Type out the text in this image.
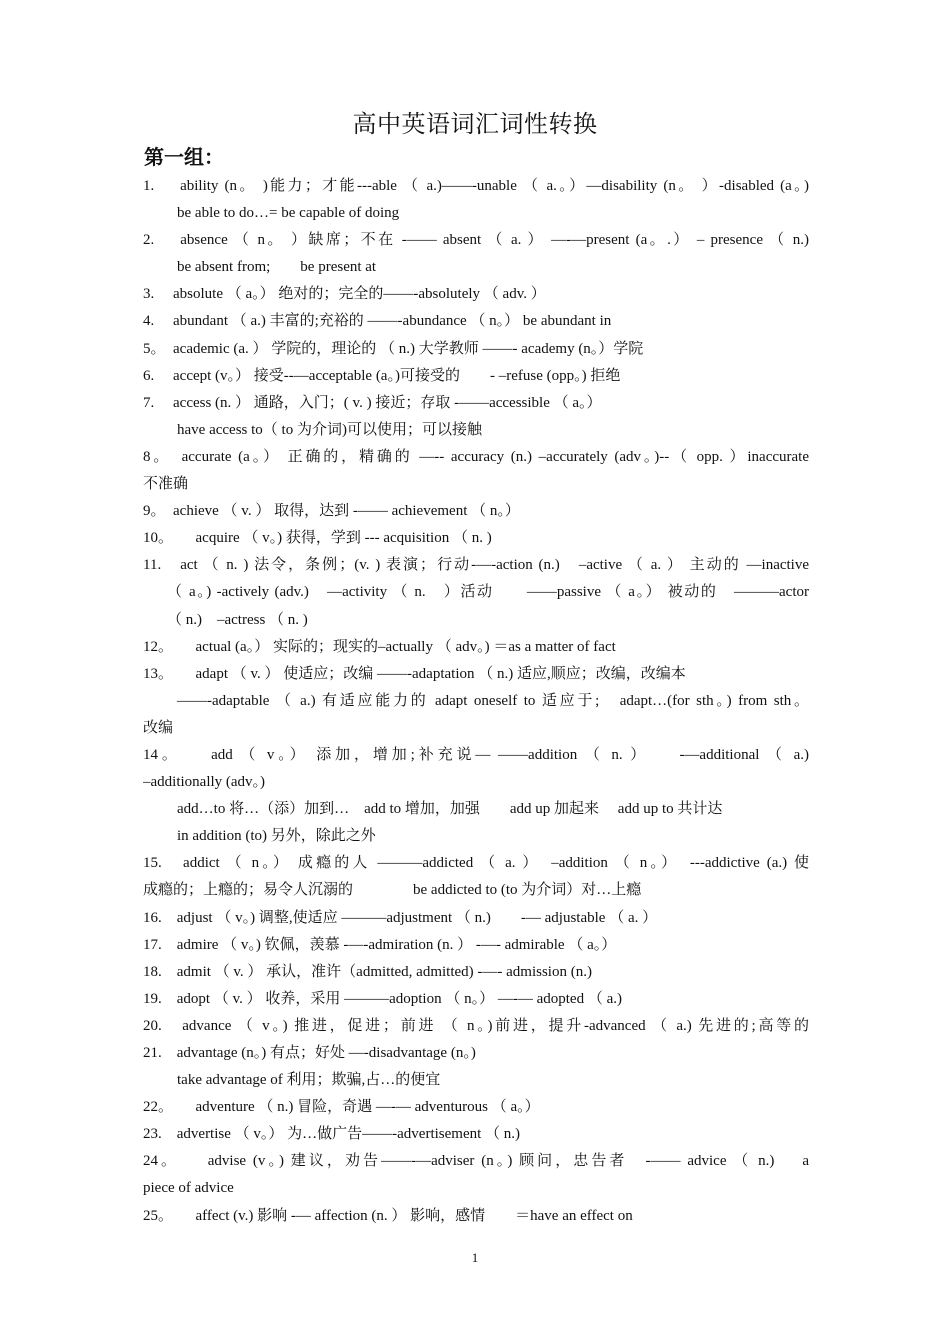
高中英语词汇词性转换
第一组：
1.　 ability (n。 )能力；才能---able （ a.)——-unable （ a.。）—disability (n。 ）-disabled (a。)
be able to do…= be capable of doing
2.　 absence （ n。 ）缺席；不在 -—— absent （ a. ） —-—present (a。.） – presence （ n.)
be absent from;　　be present at
3.　 absolute （ a。） 绝对的；完全的——-absolutely （ adv. ）
4.　 abundant （ a.) 丰富的;充裕的 ——-abundance （ n。） be abundant in
5。　academic (a. ） 学院的，理论的 （ n.) 大学教师 ——- academy (n。）学院
6.　 accept (v。） 接受--—acceptable (a。)可接受的　　- –refuse (opp。) 拒绝
7.　 access (n. ） 通路，入门；( v. ) 接近；存取 -——accessible （ a。）
have access to（ to 为介词)可以使用；可以接触
8。　accurate (a。） 正确的，精确的 —-- accuracy (n.) –accurately (adv。)--（ opp. ）inaccurate
不准确
9。　achieve （ v. ） 取得，达到 -—— achievement （ n。）
10。　　acquire （ v。) 获得，学到 --- acquisition （ n. )
11.　act （ n. ) 法令，条例；(v. ) 表演；行动-—-action (n.)　–active （ a. ） 主动的 —inactive
（ a。) -actively (adv.)　—activity （ n.　）活动　　——passive （ a。） 被动的　———actor
（ n.)　–actress （ n. )
12。　　actual (a。） 实际的；现实的–actually （ adv。) ＝as a matter of fact
13。　　adapt （ v. ） 使适应；改编 ——-adaptation （ n.) 适应,顺应；改编，改编本
——-adaptable （ a.) 有适应能力的 adapt oneself to 适应于;　adapt…(for sth。) from sth。
改编
14。　　add （ v。） 添加，增加;补充说— ——addition （ n. ）　　-—additional （ a.)
–additionally (adv。)
add…to 将…（添）加到…　add to 增加，加强　　add up 加起来　 add up to 共计达
in addition (to) 另外，除此之外
15.　addict （ n。） 成瘾的人 ———addicted （ a. ）　–addition （ n。）　---addictive (a.) 使
成瘾的；上瘾的；易令人沉溺的　　　　be addicted to (to 为介词）对…上瘾
16.　adjust （ v。) 调整,使适应 ———adjustment （ n.)　　-— adjustable （ a. ）
17.　admire （ v。) 钦佩，羡慕 -—-admiration (n. ） -—- admirable （ a。）
18.　admit （ v. ） 承认，准许（admitted, admitted) -—- admission (n.)
19.　adopt （ v. ） 收养，采用 ———adoption （ n。） —-— adopted （ a.)
20.　advance （ v。) 推进，促进；前进 （ n。)前进，提升-advanced （ a.) 先进的;高等的
21.　advantage (n。) 有点；好处 —-disadvantage (n。)
take advantage of 利用；欺骗,占…的便宜
22。　　adventure （ n.) 冒险，奇遇 —-— adventurous （ a。）
23.　advertise （ v。） 为…做广告——-advertisement （ n.)
24。　　advise (v。) 建议，劝告——-—adviser (n。) 顾问，忠告者　-—— advice （ n.)　 a
piece of advice
25。　　affect (v.) 影响 -— affection (n. ） 影响，感情　　＝have an effect on
1
